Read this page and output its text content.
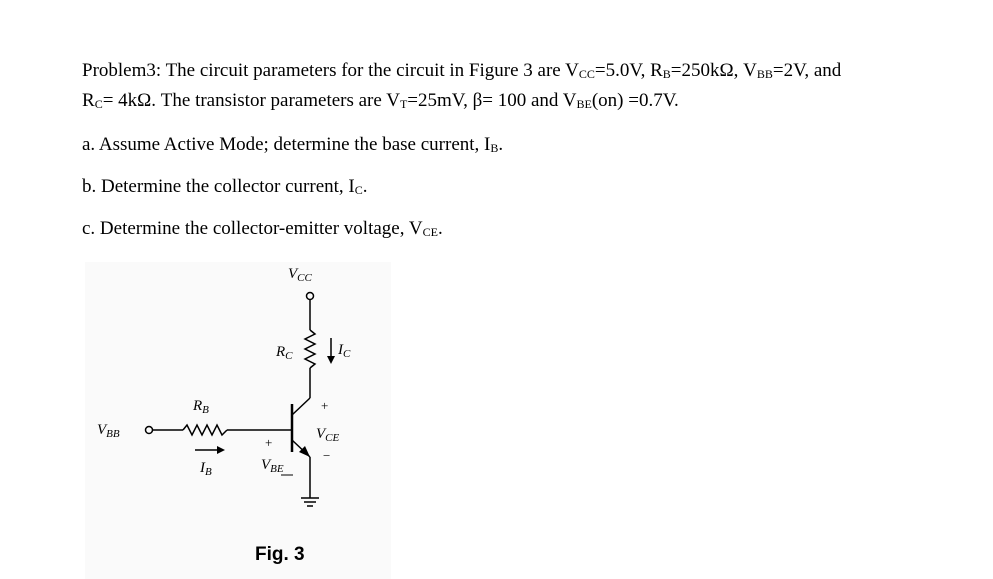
Problem3: The circuit parameters for the circuit in Figure 3 are $V_{CC}=5.0V$, $R_B=250k\Omega$, $V_{BB}=2V$, and
$R_C= 4k\Omega$. The transistor parameters are $V_T=25mV$, β= 100 and $V_{BE}(on) =0.7V$.
a. Assume Active Mode; determine the base current, $I_B$.
b. Determine the collector current, $I_C$.
c. Determine the collector-emitter voltage, $V_{CE}$.
$V_{CC}$
$R_C$	$I_C$
$R_B$
$V_{BB}$
$I_B$	$V_{BE}$
$V_{CE}$
+
+
−
Fig. 3
